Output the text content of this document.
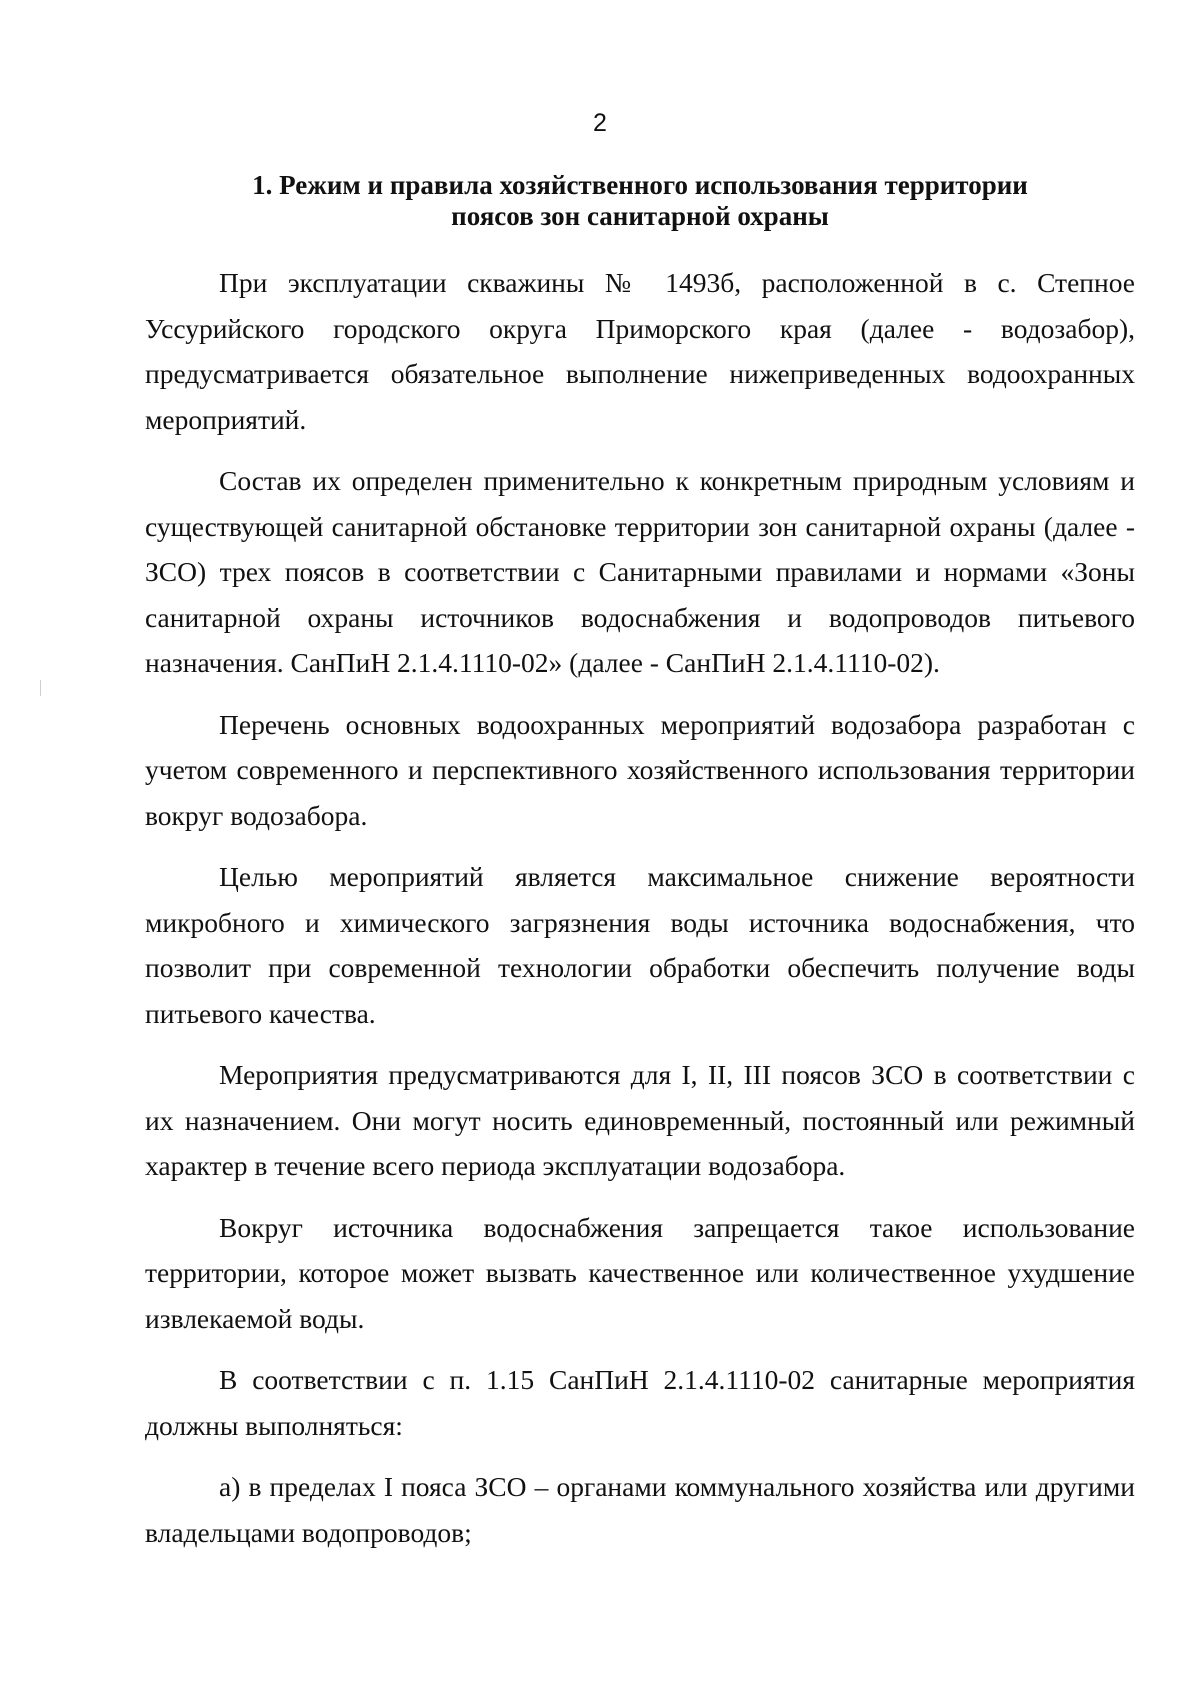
2
1. Режим и правила хозяйственного использования территории
поясов зон санитарной охраны

При эксплуатации скважины № 1493б, расположенной в с. Степное Уссурийского городского округа Приморского края (далее - водозабор), предусматривается обязательное выполнение нижеприведенных водоохранных мероприятий.

Состав их определен применительно к конкретным природным условиям и существующей санитарной обстановке территории зон санитарной охраны (далее - ЗСО) трех поясов в соответствии с Санитарными правилами и нормами «Зоны санитарной охраны источников водоснабжения и водопроводов питьевого назначения. СанПиН 2.1.4.1110-02» (далее - СанПиН 2.1.4.1110-02).

Перечень основных водоохранных мероприятий водозабора разработан с учетом современного и перспективного хозяйственного использования территории вокруг водозабора.

Целью мероприятий является максимальное снижение вероятности микробного и химического загрязнения воды источника водоснабжения, что позволит при современной технологии обработки обеспечить получение воды питьевого качества.

Мероприятия предусматриваются для I, II, III поясов ЗСО в соответствии с их назначением. Они могут носить единовременный, постоянный или режимный характер в течение всего периода эксплуатации водозабора.

Вокруг источника водоснабжения запрещается такое использование территории, которое может вызвать качественное или количественное ухудшение извлекаемой воды.

В соответствии с п. 1.15 СанПиН 2.1.4.1110-02 санитарные мероприятия должны выполняться:

а) в пределах I пояса ЗСО – органами коммунального хозяйства или другими владельцами водопроводов;
